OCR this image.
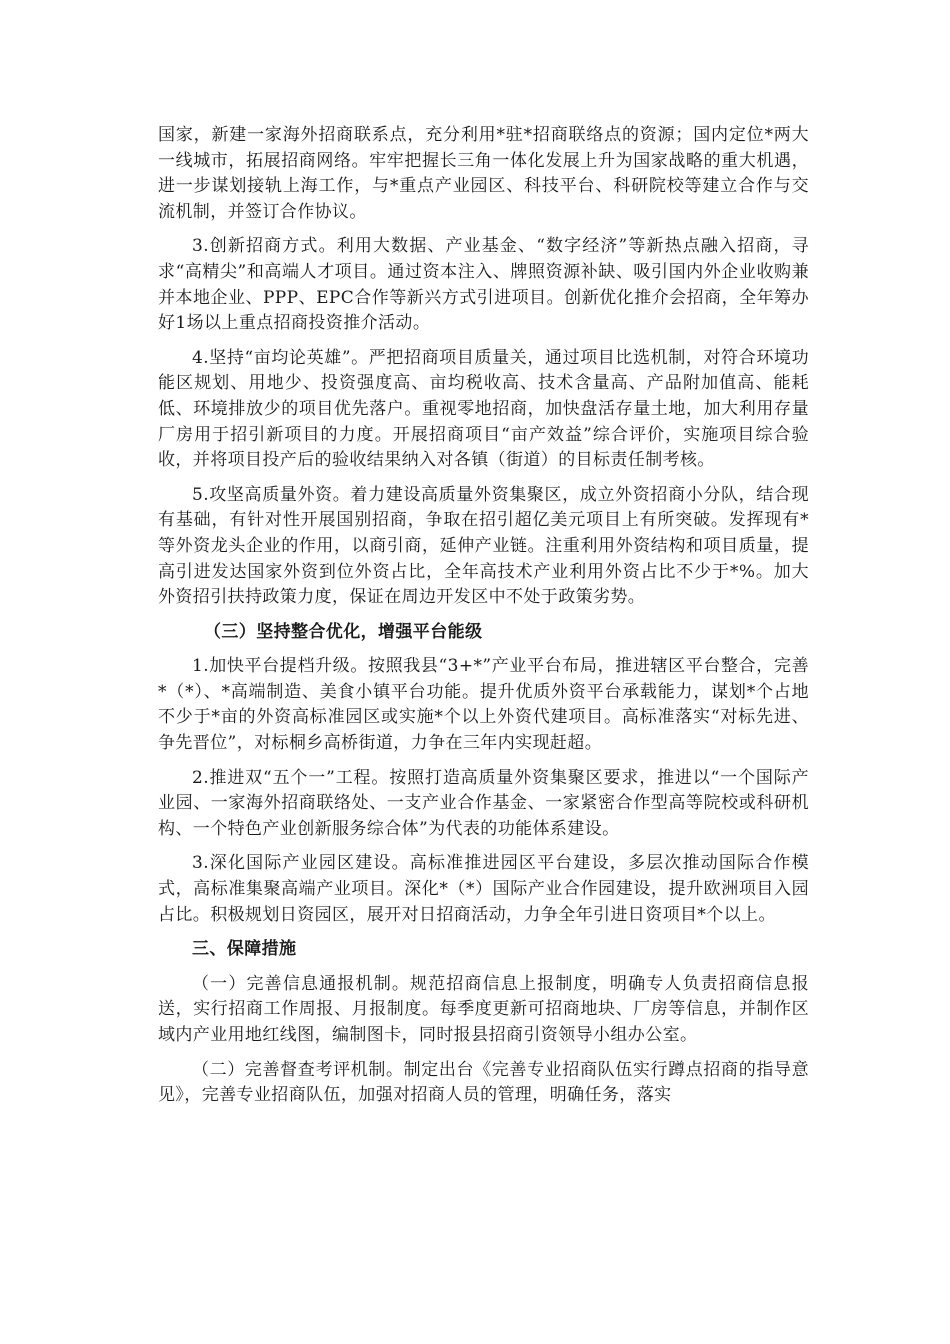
国家，新建一家海外招商联系点，充分利用*驻*招商联络点的资源；国内定位*两大一线城市，拓展招商网络。牢牢把握长三角一体化发展上升为国家战略的重大机遇，进一步谋划接轨上海工作，与*重点产业园区、科技平台、科研院校等建立合作与交流机制，并签订合作协议。

3.创新招商方式。利用大数据、产业基金、“数字经济”等新热点融入招商，寻求“高精尖”和高端人才项目。通过资本注入、牌照资源补缺、吸引国内外企业收购兼并本地企业、PPP、EPC合作等新兴方式引进项目。创新优化推介会招商，全年筹办好1场以上重点招商投资推介活动。

4.坚持“亩均论英雄”。严把招商项目质量关，通过项目比选机制，对符合环境功能区规划、用地少、投资强度高、亩均税收高、技术含量高、产品附加值高、能耗低、环境排放少的项目优先落户。重视零地招商，加快盘活存量土地，加大利用存量厂房用于招引新项目的力度。开展招商项目“亩产效益”综合评价，实施项目综合验收，并将项目投产后的验收结果纳入对各镇（街道）的目标责任制考核。

5.攻坚高质量外资。着力建设高质量外资集聚区，成立外资招商小分队，结合现有基础，有针对性开展国别招商，争取在招引超亿美元项目上有所突破。发挥现有*等外资龙头企业的作用，以商引商，延伸产业链。注重利用外资结构和项目质量，提高引进发达国家外资到位外资占比，全年高技术产业利用外资占比不少于*%。加大外资招引扶持政策力度，保证在周边开发区中不处于政策劣势。

（三）坚持整合优化，增强平台能级

1.加快平台提档升级。按照我县“3+*”产业平台布局，推进辖区平台整合，完善*（*）、*高端制造、美食小镇平台功能。提升优质外资平台承载能力，谋划*个占地不少于*亩的外资高标准园区或实施*个以上外资代建项目。高标准落实“对标先进、争先晋位”，对标桐乡高桥街道，力争在三年内实现赶超。

2.推进双“五个一”工程。按照打造高质量外资集聚区要求，推进以“一个国际产业园、一家海外招商联络处、一支产业合作基金、一家紧密合作型高等院校或科研机构、一个特色产业创新服务综合体”为代表的功能体系建设。

3.深化国际产业园区建设。高标准推进园区平台建设，多层次推动国际合作模式，高标准集聚高端产业项目。深化*（*）国际产业合作园建设，提升欧洲项目入园占比。积极规划日资园区，展开对日招商活动，力争全年引进日资项目*个以上。

三、保障措施

（一）完善信息通报机制。规范招商信息上报制度，明确专人负责招商信息报送，实行招商工作周报、月报制度。每季度更新可招商地块、厂房等信息，并制作区域内产业用地红线图，编制图卡，同时报县招商引资领导小组办公室。

（二）完善督查考评机制。制定出台《完善专业招商队伍实行蹲点招商的指导意见》，完善专业招商队伍，加强对招商人员的管理，明确任务，落实
